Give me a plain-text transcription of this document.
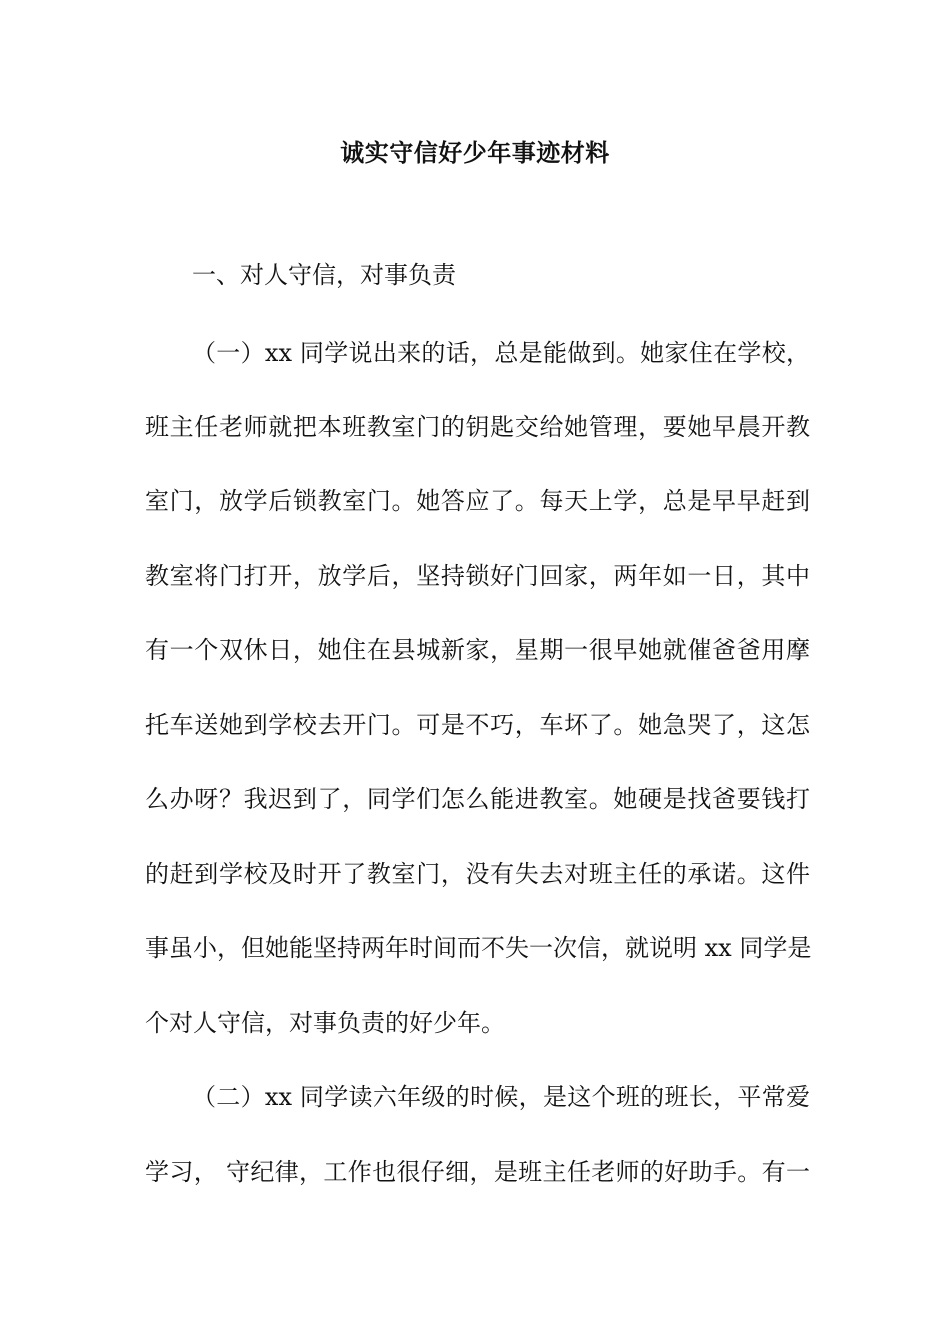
诚实守信好少年事迹材料
一、对人守信，对事负责
（一）xx 同学说出来的话，总是能做到。她家住在学校，
班主任老师就把本班教室门的钥匙交给她管理，要她早晨开教
室门，放学后锁教室门。她答应了。每天上学，总是早早赶到
教室将门打开，放学后，坚持锁好门回家，两年如一日，其中
有一个双休日，她住在县城新家，星期一很早她就催爸爸用摩
托车送她到学校去开门。可是不巧，车坏了。她急哭了，这怎
么办呀？我迟到了，同学们怎么能进教室。她硬是找爸要钱打
的赶到学校及时开了教室门，没有失去对班主任的承诺。这件
事虽小，但她能坚持两年时间而不失一次信，就说明 xx 同学是
个对人守信，对事负责的好少年。
（二）xx 同学读六年级的时候，是这个班的班长，平常爱
学习， 守纪律，工作也很仔细，是班主任老师的好助手。有一
